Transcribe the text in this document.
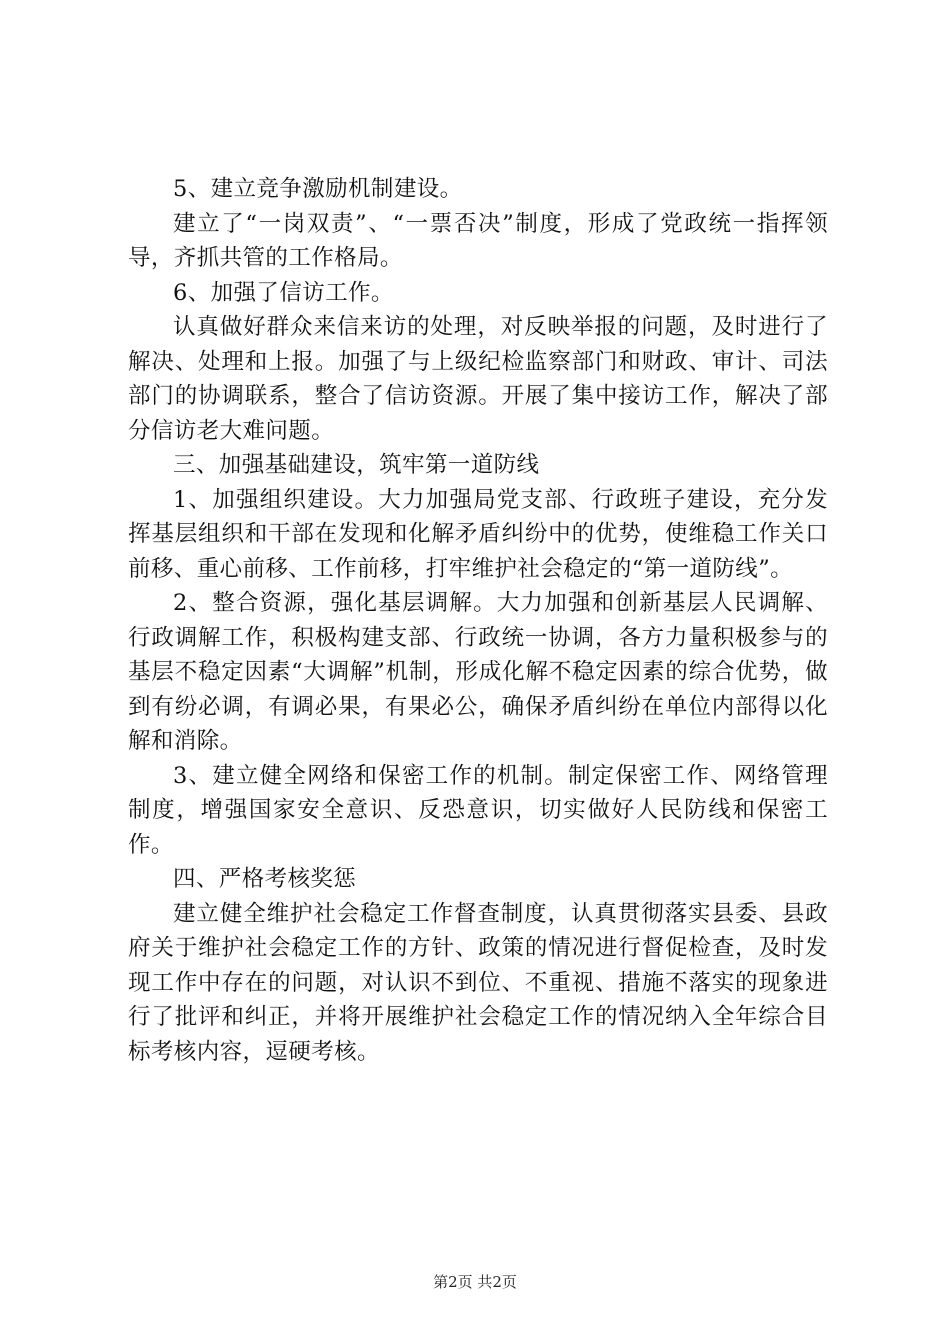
5、建立竞争激励机制建设。

建立了“一岗双责”、“一票否决”制度，形成了党政统一指挥领导，齐抓共管的工作格局。

6、加强了信访工作。

认真做好群众来信来访的处理，对反映举报的问题，及时进行了解决、处理和上报。加强了与上级纪检监察部门和财政、审计、司法部门的协调联系，整合了信访资源。开展了集中接访工作，解决了部分信访老大难问题。

三、加强基础建设，筑牢第一道防线

1、加强组织建设。大力加强局党支部、行政班子建设，充分发挥基层组织和干部在发现和化解矛盾纠纷中的优势，使维稳工作关口前移、重心前移、工作前移，打牢维护社会稳定的“第一道防线”。

2、整合资源，强化基层调解。大力加强和创新基层人民调解、行政调解工作，积极构建支部、行政统一协调，各方力量积极参与的基层不稳定因素“大调解”机制，形成化解不稳定因素的综合优势，做到有纷必调，有调必果，有果必公，确保矛盾纠纷在单位内部得以化解和消除。

3、建立健全网络和保密工作的机制。制定保密工作、网络管理制度，增强国家安全意识、反恐意识，切实做好人民防线和保密工作。

四、严格考核奖惩

建立健全维护社会稳定工作督查制度，认真贯彻落实县委、县政府关于维护社会稳定工作的方针、政策的情况进行督促检查，及时发现工作中存在的问题，对认识不到位、不重视、措施不落实的现象进行了批评和纠正，并将开展维护社会稳定工作的情况纳入全年综合目标考核内容，逗硬考核。

第2页 共2页
